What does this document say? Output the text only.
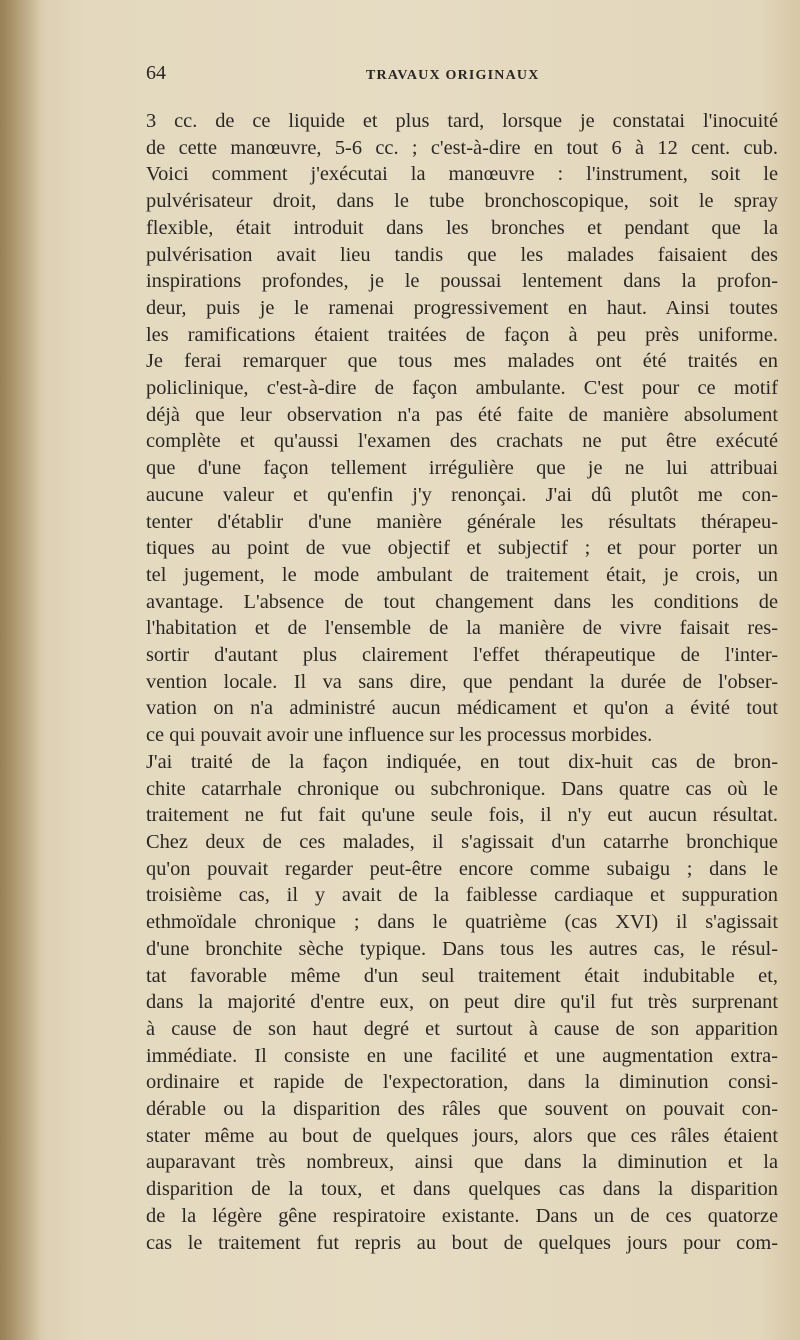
64	TRAVAUX ORIGINAUX
3 cc. de ce liquide et plus tard, lorsque je constatai l'inocuité
de cette manœuvre, 5-6 cc. ; c'est-à-dire en tout 6 à 12 cent. cub.
Voici comment j'exécutai la manœuvre : l'instrument, soit le
pulvérisateur droit, dans le tube bronchoscopique, soit le spray
flexible, était introduit dans les bronches et pendant que la
pulvérisation avait lieu tandis que les malades faisaient des
inspirations profondes, je le poussai lentement dans la profon-
deur, puis je le ramenai progressivement en haut. Ainsi toutes
les ramifications étaient traitées de façon à peu près uniforme.
Je ferai remarquer que tous mes malades ont été traités en
policlinique, c'est-à-dire de façon ambulante. C'est pour ce motif
déjà que leur observation n'a pas été faite de manière absolument
complète et qu'aussi l'examen des crachats ne put être exécuté
que d'une façon tellement irrégulière que je ne lui attribuai
aucune valeur et qu'enfin j'y renonçai. J'ai dû plutôt me con-
tenter d'établir d'une manière générale les résultats thérapeu-
tiques au point de vue objectif et subjectif ; et pour porter un
tel jugement, le mode ambulant de traitement était, je crois, un
avantage. L'absence de tout changement dans les conditions de
l'habitation et de l'ensemble de la manière de vivre faisait res-
sortir d'autant plus clairement l'effet thérapeutique de l'inter-
vention locale. Il va sans dire, que pendant la durée de l'obser-
vation on n'a administré aucun médicament et qu'on a évité tout
ce qui pouvait avoir une influence sur les processus morbides.
J'ai traité de la façon indiquée, en tout dix-huit cas de bron-
chite catarrhale chronique ou subchronique. Dans quatre cas où le
traitement ne fut fait qu'une seule fois, il n'y eut aucun résultat.
Chez deux de ces malades, il s'agissait d'un catarrhe bronchique
qu'on pouvait regarder peut-être encore comme subaigu ; dans le
troisième cas, il y avait de la faiblesse cardiaque et suppuration
ethmoïdale chronique ; dans le quatrième (cas XVI) il s'agissait
d'une bronchite sèche typique. Dans tous les autres cas, le résul-
tat favorable même d'un seul traitement était indubitable et,
dans la majorité d'entre eux, on peut dire qu'il fut très surprenant
à cause de son haut degré et surtout à cause de son apparition
immédiate. Il consiste en une facilité et une augmentation extra-
ordinaire et rapide de l'expectoration, dans la diminution consi-
dérable ou la disparition des râles que souvent on pouvait con-
stater même au bout de quelques jours, alors que ces râles étaient
auparavant très nombreux, ainsi que dans la diminution et la
disparition de la toux, et dans quelques cas dans la disparition
de la légère gêne respiratoire existante. Dans un de ces quatorze
cas le traitement fut repris au bout de quelques jours pour com-
